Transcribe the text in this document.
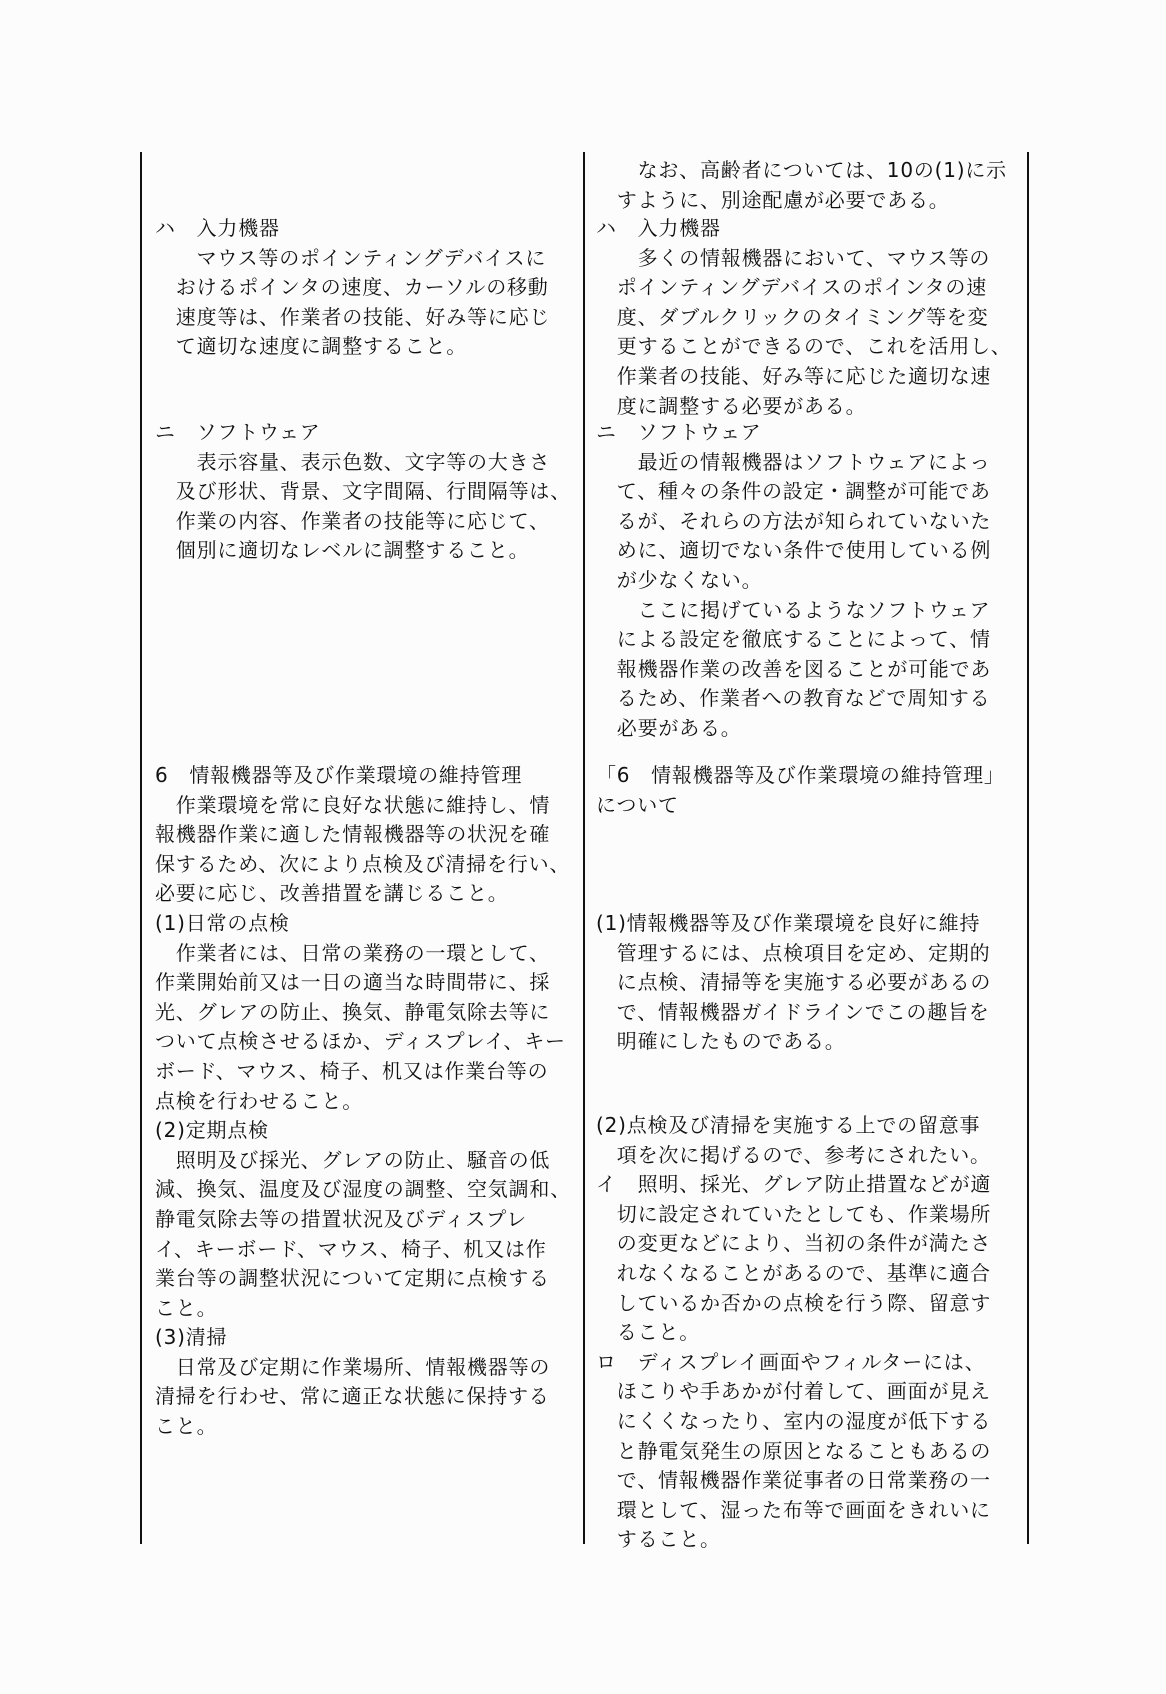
ハ　入力機器
　　マウス等のポインティングデバイスに
　おけるポインタの速度、カーソルの移動
　速度等は、作業者の技能、好み等に応じ
　て適切な速度に調整すること。
ニ　ソフトウェア
　　表示容量、表示色数、文字等の大きさ
　及び形状、背景、文字間隔、行間隔等は、
　作業の内容、作業者の技能等に応じて、
　個別に適切なレベルに調整すること。
6　情報機器等及び作業環境の維持管理
　作業環境を常に良好な状態に維持し、情
報機器作業に適した情報機器等の状況を確
保するため、次により点検及び清掃を行い、
必要に応じ、改善措置を講じること。
(1)日常の点検
　作業者には、日常の業務の一環として、
作業開始前又は一日の適当な時間帯に、採
光、グレアの防止、換気、静電気除去等に
ついて点検させるほか、ディスプレイ、キー
ボード、マウス、椅子、机又は作業台等の
点検を行わせること。
(2)定期点検
　照明及び採光、グレアの防止、騒音の低
減、換気、温度及び湿度の調整、空気調和、
静電気除去等の措置状況及びディスプレ
イ、キーボード、マウス、椅子、机又は作
業台等の調整状況について定期に点検する
こと。
(3)清掃
　日常及び定期に作業場所、情報機器等の
清掃を行わせ、常に適正な状態に保持する
こと。
　　なお、高齢者については、10の(1)に示
　すように、別途配慮が必要である。
ハ　入力機器
　　多くの情報機器において、マウス等の
　ポインティングデバイスのポインタの速
　度、ダブルクリックのタイミング等を変
　更することができるので、これを活用し、
　作業者の技能、好み等に応じた適切な速
　度に調整する必要がある。
ニ　ソフトウェア
　　最近の情報機器はソフトウェアによっ
　て、種々の条件の設定・調整が可能であ
　るが、それらの方法が知られていないた
　めに、適切でない条件で使用している例
　が少なくない。
　　ここに掲げているようなソフトウェア
　による設定を徹底することによって、情
　報機器作業の改善を図ることが可能であ
　るため、作業者への教育などで周知する
　必要がある。
「6　情報機器等及び作業環境の維持管理」
について
(1)情報機器等及び作業環境を良好に維持
　管理するには、点検項目を定め、定期的
　に点検、清掃等を実施する必要があるの
　で、情報機器ガイドラインでこの趣旨を
　明確にしたものである。
(2)点検及び清掃を実施する上での留意事
　項を次に掲げるので、参考にされたい。
イ　照明、採光、グレア防止措置などが適
　切に設定されていたとしても、作業場所
　の変更などにより、当初の条件が満たさ
　れなくなることがあるので、基準に適合
　しているか否かの点検を行う際、留意す
　ること。
ロ　ディスプレイ画面やフィルターには、
　ほこりや手あかが付着して、画面が見え
　にくくなったり、室内の湿度が低下する
　と静電気発生の原因となることもあるの
　で、情報機器作業従事者の日常業務の一
　環として、湿った布等で画面をきれいに
　すること。
